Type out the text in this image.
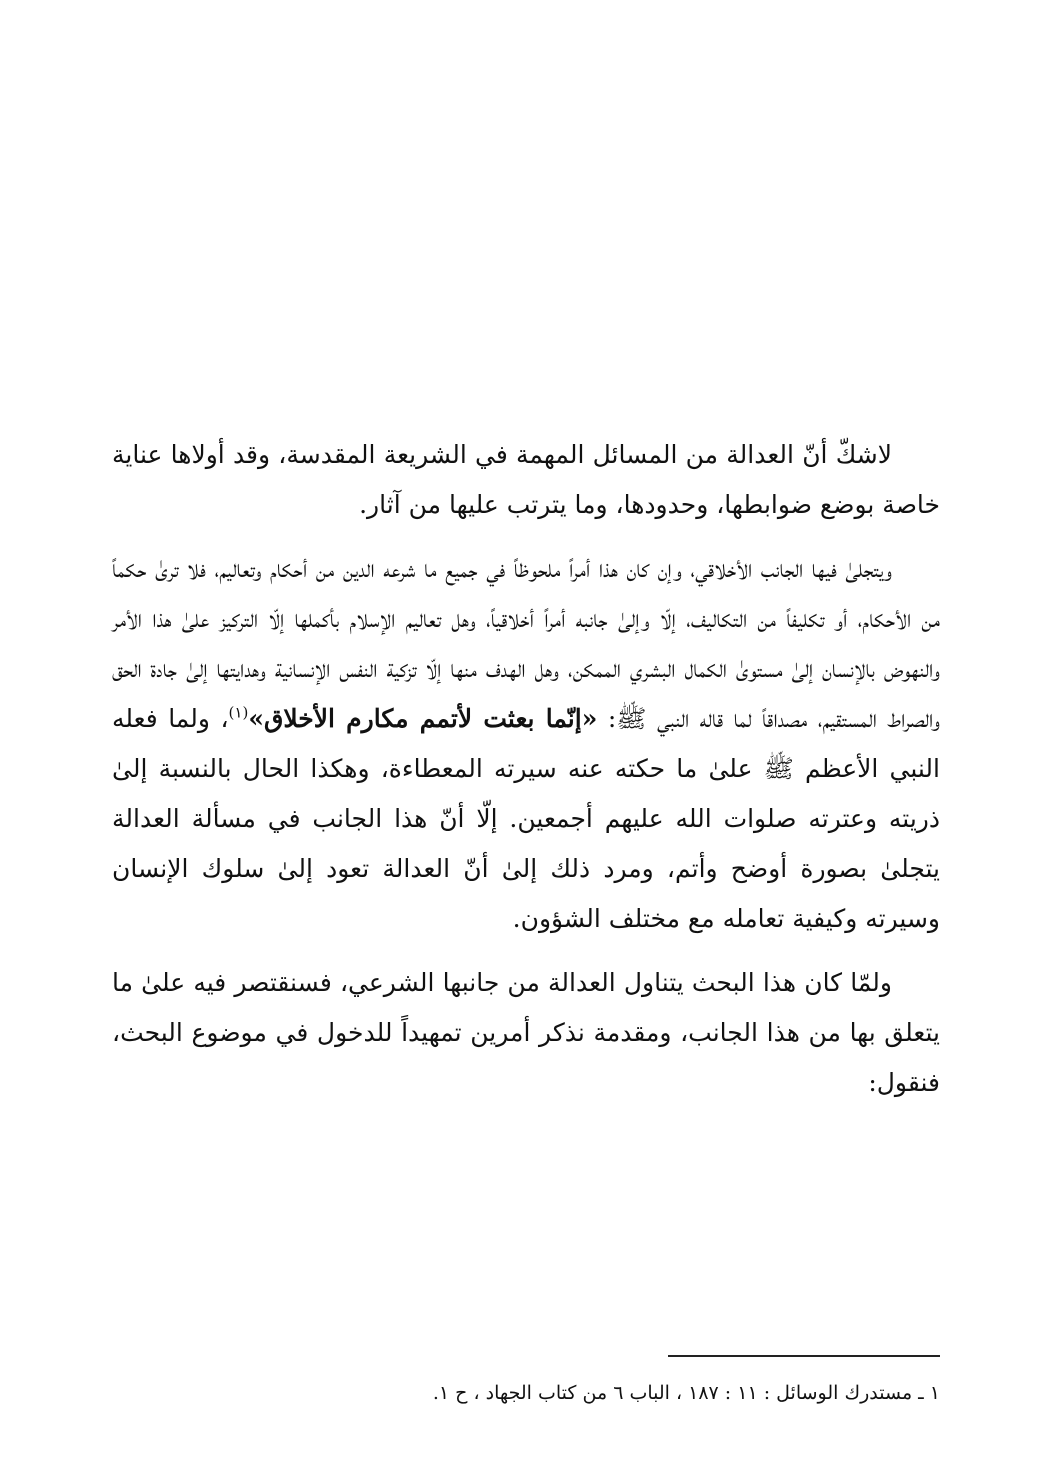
لاشكّ أنّ العدالة من المسائل المهمة في الشريعة المقدسة، وقد أولاها عناية خاصة بوضع ضوابطها، وحدودها، وما يترتب عليها من آثار.

ويتجلىٰ فيها الجانب الأخلاقي، وإن كان هذا أمراً ملحوظاً في جميع ما شرعه الدين من أحكام وتعاليم، فلا ترىٰ حكماً من الأحكام، أو تكليفاً من التكاليف، إلّا وإلىٰ جانبه أمراً أخلاقياً، وهل تعاليم الإسلام بأكملها إلّا التركيز علىٰ هذا الأمر والنهوض بالإنسان إلىٰ مستوىٰ الكمال البشري الممكن، وهل الهدف منها إلّا تزكية النفس الإنسانية وهدايتها إلىٰ جادة الحق والصراط المستقيم، مصداقاً لما قاله النبي ﷺ: «إنّما بعثت لأتمم مكارم الأخلاق»$^{(١)}$، ولما فعله النبي الأعظم ﷺ علىٰ ما حكته عنه سيرته المعطاءة، وهكذا الحال بالنسبة إلىٰ ذريته وعترته صلوات الله عليهم أجمعين. إلّا أنّ هذا الجانب في مسألة العدالة يتجلىٰ بصورة أوضح وأتم، ومرد ذلك إلىٰ أنّ العدالة تعود إلىٰ سلوك الإنسان وسيرته وكيفية تعامله مع مختلف الشؤون.

ولمّا كان هذا البحث يتناول العدالة من جانبها الشرعي، فسنقتصر فيه علىٰ ما يتعلق بها من هذا الجانب، ومقدمة نذكر أمرين تمهيداً للدخول في موضوع البحث، فنقول:

١ ـ مستدرك الوسائل : ١١ : ١٨٧ ، الباب ٦ من كتاب الجهاد ، ح ١.
